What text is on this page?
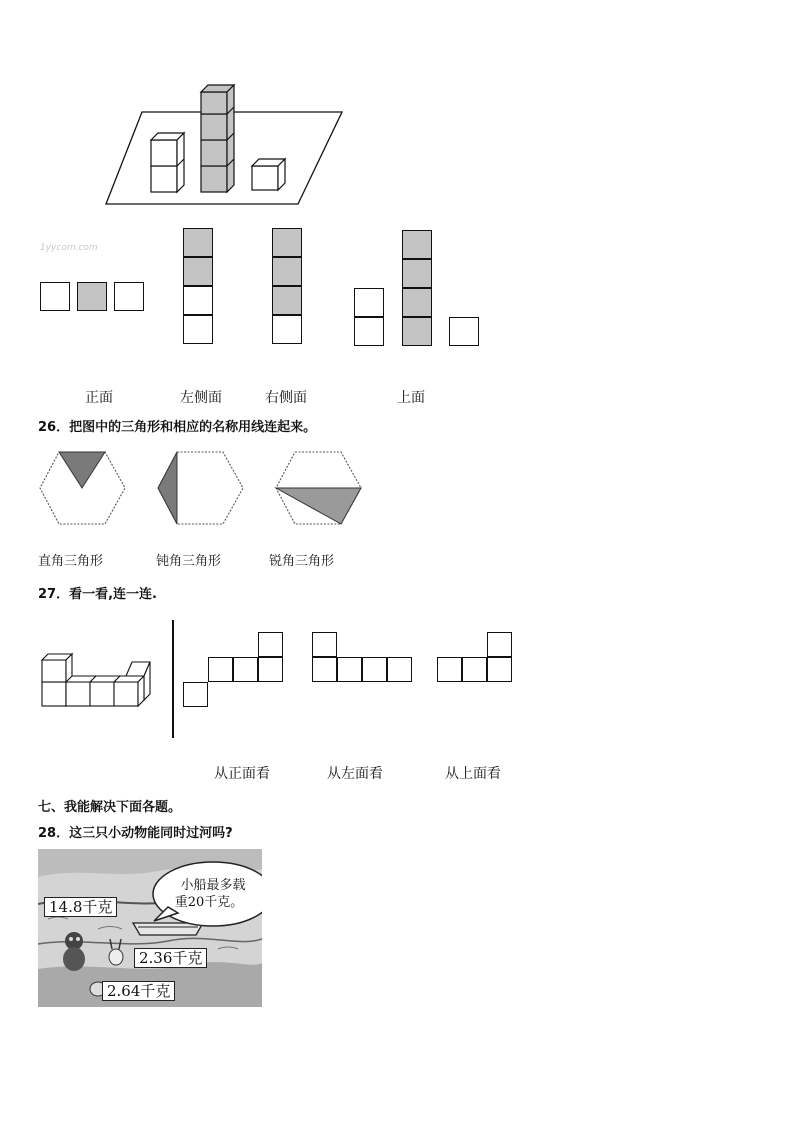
1yycom.com
正面	左侧面	右侧面	上面
26．把图中的三角形和相应的名称用线连起来。
直角三角形	钝角三角形	锐角三角形
27．看一看,连一连.
从正面看	从左面看	从上面看
七、我能解决下面各题。
28．这三只小动物能同时过河吗?
小船最多载
重20千克。
14.8千克
2.36千克
2.64千克
